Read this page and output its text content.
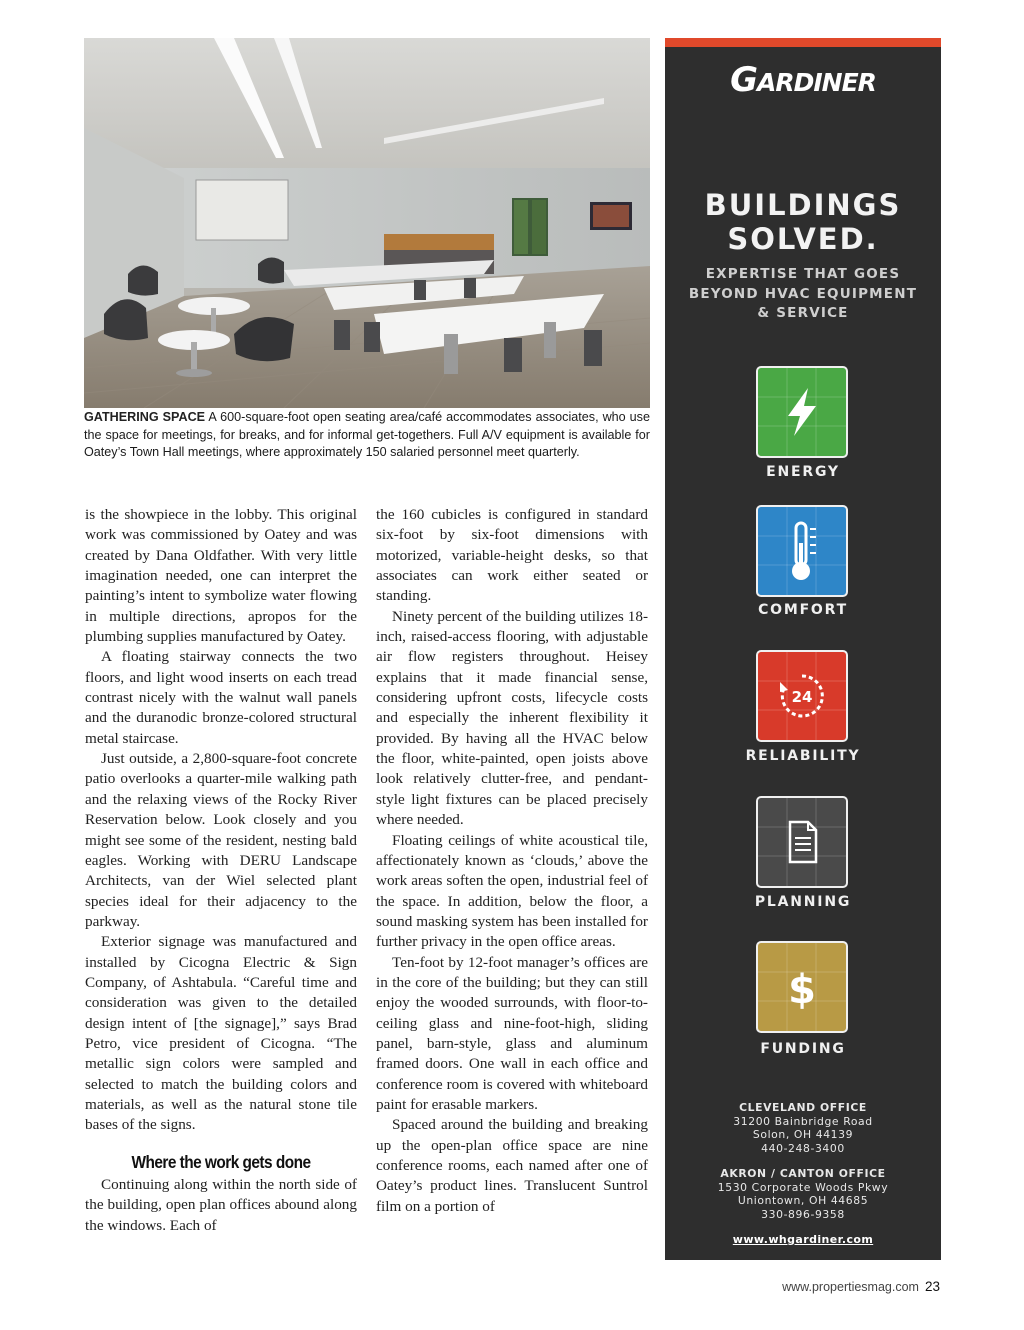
GATHERING SPACE A 600-square-foot open seating area/café accommodates associates, who use the space for meetings, for breaks, and for informal get-togethers. Full A/V equipment is available for Oatey’s Town Hall meetings, where approximately 150 salaried personnel meet quarterly.

is the showpiece in the lobby. This original work was commissioned by Oatey and was created by Dana Oldfather. With very little imagination needed, one can interpret the painting’s intent to symbolize water flowing in multiple directions, apropos for the plumbing supplies manufactured by Oatey.

A floating stairway connects the two floors, and light wood inserts on each tread contrast nicely with the walnut wall panels and the duranodic bronze-colored structural metal staircase.

Just outside, a 2,800-square-foot concrete patio overlooks a quarter-mile walking path and the relaxing views of the Rocky River Reservation below. Look closely and you might see some of the resident, nesting bald eagles. Working with DERU Landscape Architects, van der Wiel selected plant species ideal for their adjacency to the parkway.

Exterior signage was manufactured and installed by Cicogna Electric & Sign Company, of Ashtabula. “Careful time and consideration was given to the detailed design intent of [the signage],” says Brad Petro, vice president of Cicogna. “The metallic sign colors were sampled and selected to match the building colors and materials, as well as the natural stone tile bases of the signs.

Where the work gets done

Continuing along within the north side of the building, open plan offices abound along the windows. Each of

the 160 cubicles is configured in standard six-foot by six-foot dimensions with motorized, variable-height desks, so that associates can work either seated or standing.

Ninety percent of the building utilizes 18-inch, raised-access flooring, with adjustable air flow registers throughout. Heisey explains that it made financial sense, considering upfront costs, lifecycle costs and especially the inherent flexibility it provided. By having all the HVAC below the floor, white-painted, open joists above look relatively clutter-free, and pendant-style light fixtures can be placed precisely where needed.

Floating ceilings of white acoustical tile, affectionately known as ‘clouds,’ above the work areas soften the open, industrial feel of the space. In addition, below the floor, a sound masking system has been installed for further privacy in the open office areas.

Ten-foot by 12-foot manager’s offices are in the core of the building; but they can still enjoy the wooded surrounds, with floor-to-ceiling glass and nine-foot-high, sliding panel, barn-style, glass and aluminum framed doors. One wall in each office and conference room is covered with whiteboard paint for erasable markers.

Spaced around the building and breaking up the open-plan office space are nine conference rooms, each named after one of Oatey’s product lines. Translucent Suntrol film on a portion of

GARDINER
BUILDINGS
SOLVED.
EXPERTISE THAT GOES
BEYOND HVAC EQUIPMENT
& SERVICE
ENERGY
COMFORT
24
RELIABILITY
PLANNING
$
FUNDING
CLEVELAND OFFICE
31200 Bainbridge Road
Solon, OH 44139
440-248-3400
AKRON / CANTON OFFICE
1530 Corporate Woods Pkwy
Uniontown, OH 44685
330-896-9358
www.whgardiner.com
www.propertiesmag.com 23
